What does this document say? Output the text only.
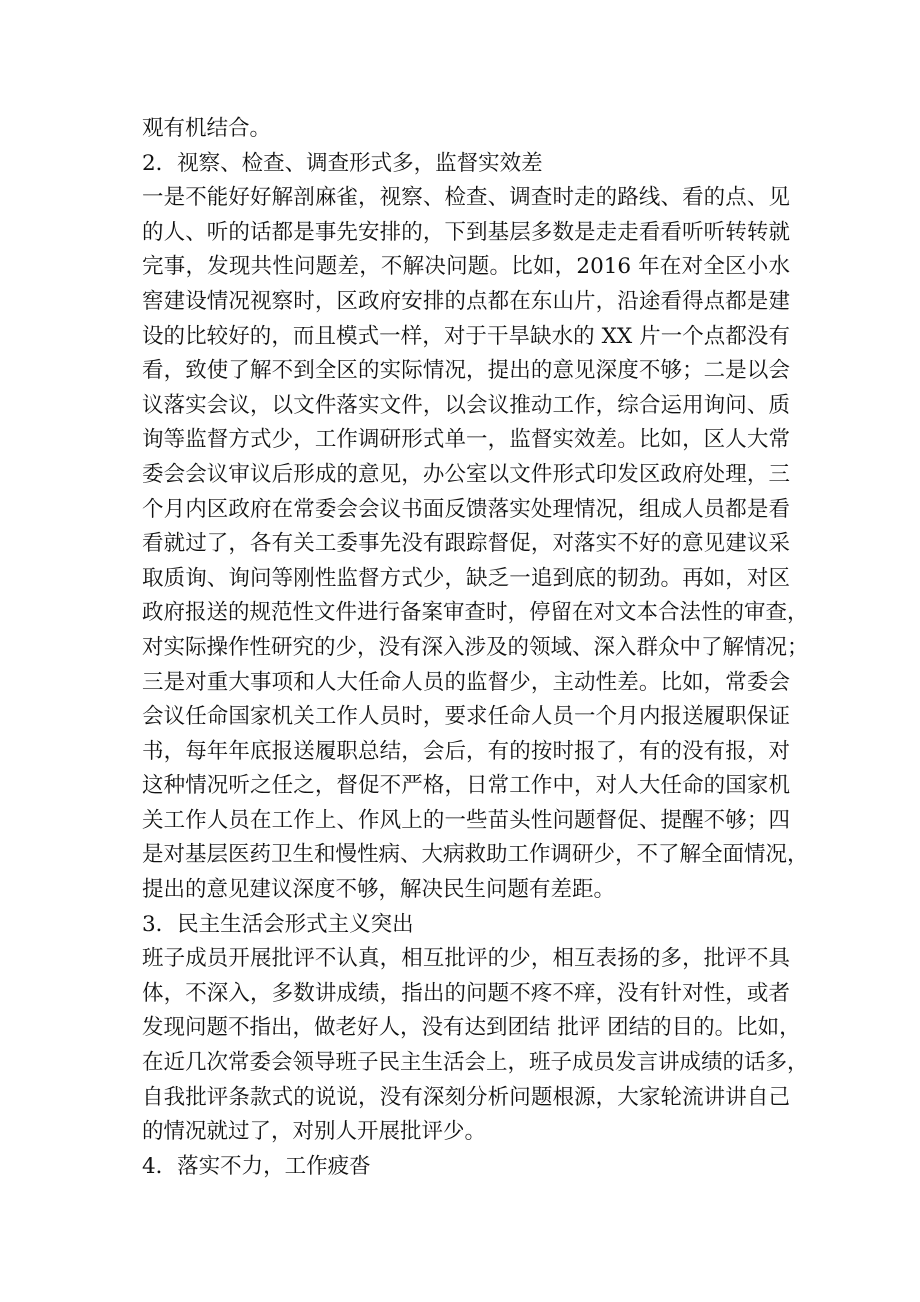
观有机结合。
2．视察、检查、调查形式多，监督实效差
一是不能好好解剖麻雀，视察、检查、调查时走的路线、看的点、见
的人、听的话都是事先安排的，下到基层多数是走走看看听听转转就
完事，发现共性问题差，不解决问题。比如，2016 年在对全区小水
窖建设情况视察时，区政府安排的点都在东山片，沿途看得点都是建
设的比较好的，而且模式一样，对于干旱缺水的 XX 片一个点都没有
看，致使了解不到全区的实际情况，提出的意见深度不够；二是以会
议落实会议，以文件落实文件，以会议推动工作，综合运用询问、质
询等监督方式少，工作调研形式单一，监督实效差。比如，区人大常
委会会议审议后形成的意见，办公室以文件形式印发区政府处理，三
个月内区政府在常委会会议书面反馈落实处理情况，组成人员都是看
看就过了，各有关工委事先没有跟踪督促，对落实不好的意见建议采
取质询、询问等刚性监督方式少，缺乏一追到底的韧劲。再如，对区
政府报送的规范性文件进行备案审查时，停留在对文本合法性的审查，
对实际操作性研究的少，没有深入涉及的领域、深入群众中了解情况；
三是对重大事项和人大任命人员的监督少，主动性差。比如，常委会
会议任命国家机关工作人员时，要求任命人员一个月内报送履职保证
书，每年年底报送履职总结，会后，有的按时报了，有的没有报，对
这种情况听之任之，督促不严格，日常工作中，对人大任命的国家机
关工作人员在工作上、作风上的一些苗头性问题督促、提醒不够；四
是对基层医药卫生和慢性病、大病救助工作调研少，不了解全面情况，
提出的意见建议深度不够，解决民生问题有差距。
3．民主生活会形式主义突出
班子成员开展批评不认真，相互批评的少，相互表扬的多，批评不具
体，不深入，多数讲成绩，指出的问题不疼不痒，没有针对性，或者
发现问题不指出，做老好人，没有达到团结 批评 团结的目的。比如，
在近几次常委会领导班子民主生活会上，班子成员发言讲成绩的话多，
自我批评条款式的说说，没有深刻分析问题根源，大家轮流讲讲自己
的情况就过了，对别人开展批评少。
4．落实不力，工作疲沓
